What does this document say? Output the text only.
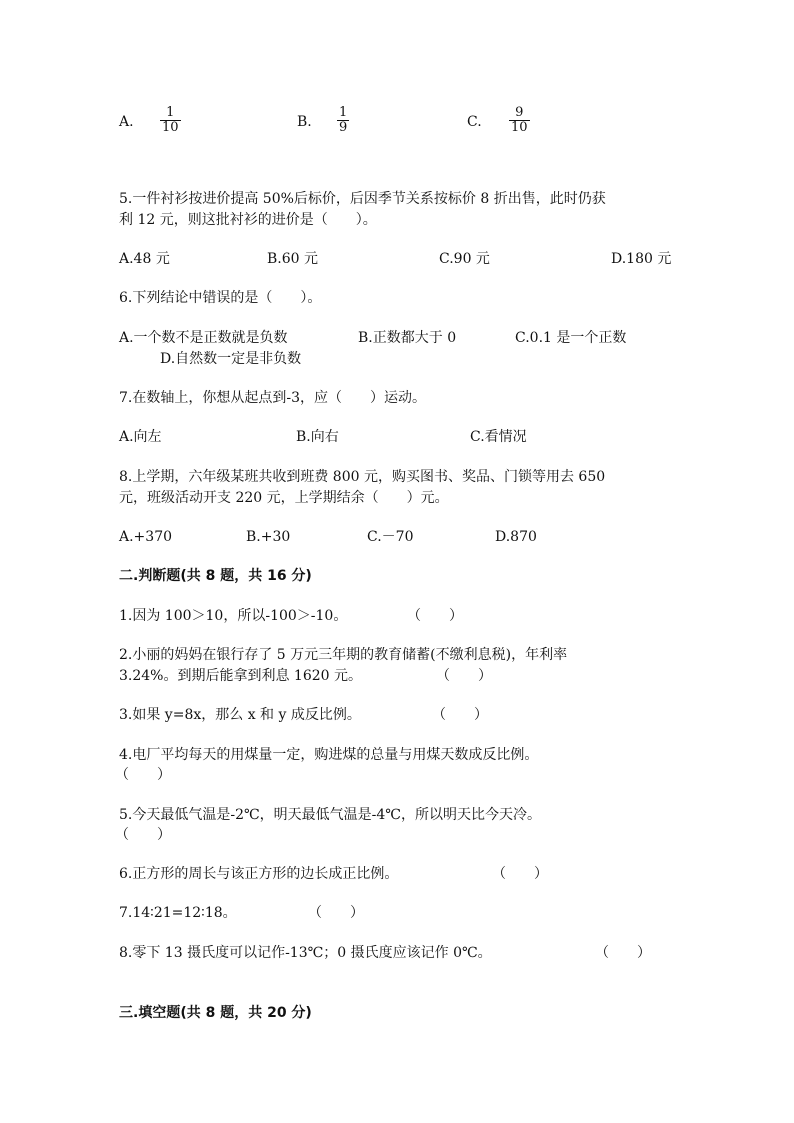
A. $\frac{1}{10}$	B. $\frac{1}{9}$	C. $\frac{9}{10}$
5.一件衬衫按进价提高 50%后标价，后因季节关系按标价 8 折出售，此时仍获
利 12 元，则这批衬衫的进价是（　　）。
A.48 元	B.60 元	C.90 元	D.180 元
6.下列结论中错误的是（　　）。
A.一个数不是正数就是负数	B.正数都大于 0	C.0.1 是一个正数
D.自然数一定是非负数
7.在数轴上，你想从起点到-3，应（　　）运动。
A.向左	B.向右	C.看情况
8.上学期，六年级某班共收到班费 800 元，购买图书、奖品、门锁等用去 650
元，班级活动开支 220 元，上学期结余（　　）元。
A.+370	B.+30	C.－70	D.870
二.判断题(共 8 题，共 16 分)
1.因为 100＞10，所以-100＞-10。	（　　）
2.小丽的妈妈在银行存了 5 万元三年期的教育储蓄(不缴利息税)，年利率
3.24%。到期后能拿到利息 1620 元。	（　　）
3.如果 y=8x，那么 x 和 y 成反比例。	（　　）
4.电厂平均每天的用煤量一定，购进煤的总量与用煤天数成反比例。
（　　）
5.今天最低气温是-2℃，明天最低气温是-4℃，所以明天比今天冷。
（　　）
6.正方形的周长与该正方形的边长成正比例。	（　　）
7.14∶21=12∶18。	（　　）
8.零下 13 摄氏度可以记作-13℃；0 摄氏度应该记作 0℃。	（　　）
三.填空题(共 8 题，共 20 分)
